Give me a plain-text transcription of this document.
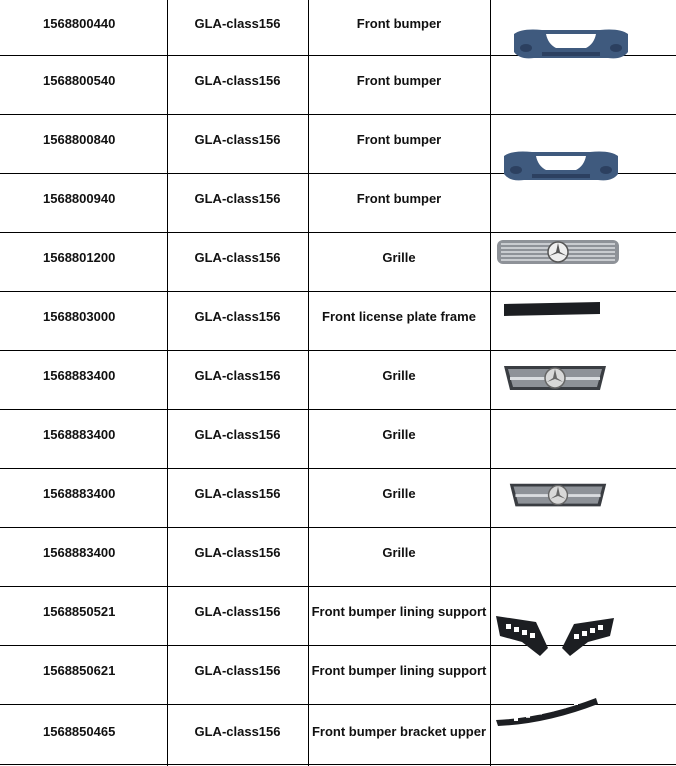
1568800440	GLA-class156	Front bumper
1568800540	GLA-class156	Front bumper
1568800840	GLA-class156	Front bumper
1568800940	GLA-class156	Front bumper
1568801200	GLA-class156	Grille
1568803000	GLA-class156	Front license plate frame
1568883400	GLA-class156	Grille
1568883400	GLA-class156	Grille
1568883400	GLA-class156	Grille
1568883400	GLA-class156	Grille
1568850521	GLA-class156	Front bumper lining support
1568850621	GLA-class156	Front bumper lining support
1568850465	GLA-class156	Front bumper bracket upper
